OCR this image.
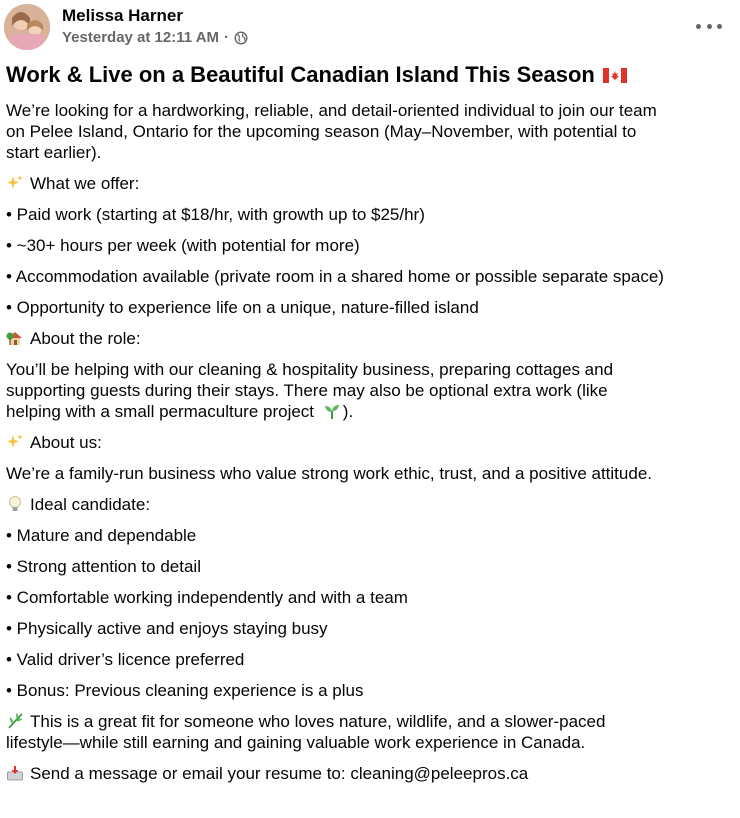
Melissa Harner
Yesterday at 12:11 AM ·
Work & Live on a Beautiful Canadian Island This Season
We’re looking for a hardworking, reliable, and detail-oriented individual to join our team
on Pelee Island, Ontario for the upcoming season (May–November, with potential to
start earlier).
What we offer:
• Paid work (starting at $18/hr, with growth up to $25/hr)
• ~30+ hours per week (with potential for more)
• Accommodation available (private room in a shared home or possible separate space)
• Opportunity to experience life on a unique, nature-filled island
About the role:
You’ll be helping with our cleaning & hospitality business, preparing cottages and
supporting guests during their stays. There may also be optional extra work (like
helping with a small permaculture project ).
About us:
We’re a family-run business who value strong work ethic, trust, and a positive attitude.
Ideal candidate:
• Mature and dependable
• Strong attention to detail
• Comfortable working independently and with a team
• Physically active and enjoys staying busy
• Valid driver’s licence preferred
• Bonus: Previous cleaning experience is a plus
This is a great fit for someone who loves nature, wildlife, and a slower-paced
lifestyle—while still earning and gaining valuable work experience in Canada.
Send a message or email your resume to: cleaning@peleepros.ca
